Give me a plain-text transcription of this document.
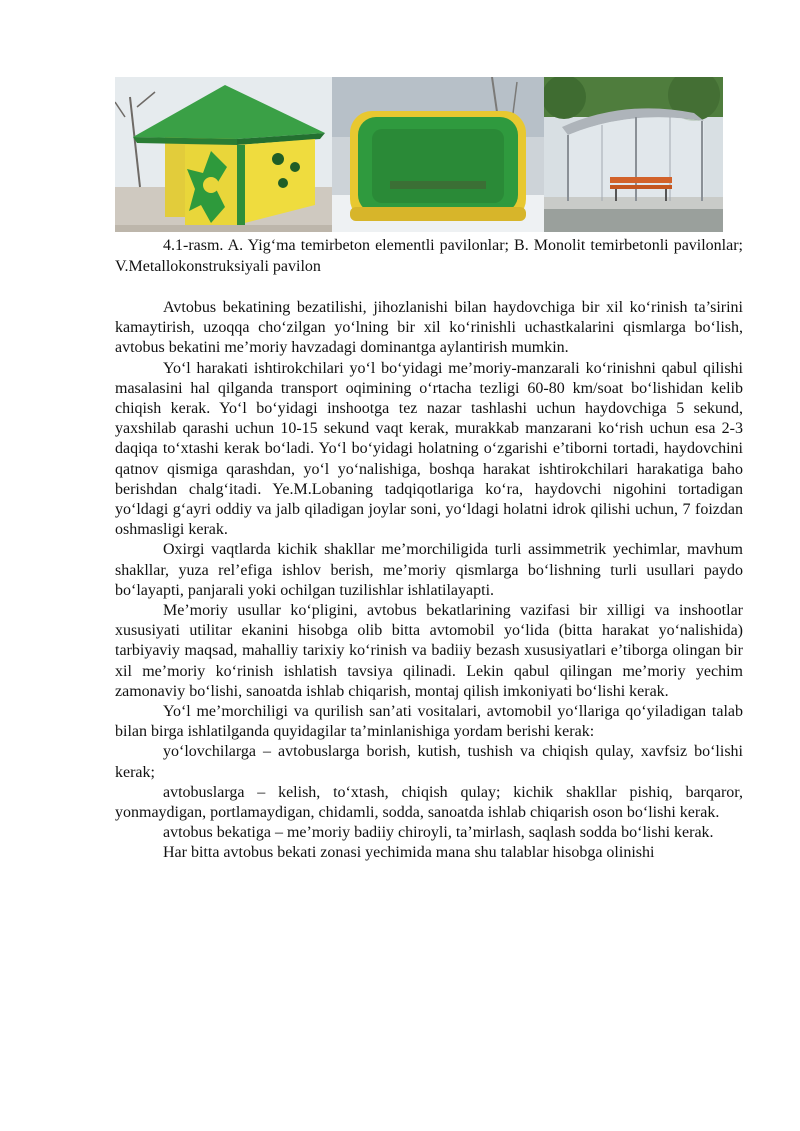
4.1-rasm. A. Yig‘ma temirbeton elementli pavilonlar; B. Monolit temirbetonli pavilonlar; V.Metallokonstruksiyali pavilon

Avtobus bekatining bezatilishi, jihozlanishi bilan haydovchiga bir xil ko‘rinish ta’sirini kamaytirish, uzoqqa cho‘zilgan yo‘lning bir xil ko‘rinishli uchastkalarini qismlarga bo‘lish, avtobus bekatini me’moriy havzadagi dominantga aylantirish mumkin.

Yo‘l harakati ishtirokchilari yo‘l bo‘yidagi me’moriy-manzarali ko‘rinishni qabul qilishi masalasini hal qilganda transport oqimining o‘rtacha tezligi 60-80 km/soat bo‘lishidan kelib chiqish kerak. Yo‘l bo‘yidagi inshootga tez nazar tashlashi uchun haydovchiga 5 sekund, yaxshilab qarashi uchun 10-15 sekund vaqt kerak, murakkab manzarani ko‘rish uchun esa 2-3 daqiqa to‘xtashi kerak bo‘ladi. Yo‘l bo‘yidagi holatning o‘zgarishi e’tiborni tortadi, haydovchini qatnov qismiga qarashdan, yo‘l yo‘nalishiga, boshqa harakat ishtirokchilari harakatiga baho berishdan chalg‘itadi. Ye.M.Lobaning tadqiqotlariga ko‘ra, haydovchi nigohini tortadigan yo‘ldagi g‘ayri oddiy va jalb qiladigan joylar soni, yo‘ldagi holatni idrok qilishi uchun, 7 foizdan oshmasligi kerak.

Oxirgi vaqtlarda kichik shakllar me’morchiligida turli assimmetrik yechimlar, mavhum shakllar, yuza rel’efiga ishlov berish, me’moriy qismlarga bo‘lishning turli usullari paydo bo‘layapti, panjarali yoki ochilgan tuzilishlar ishlatilayapti.

Me’moriy usullar ko‘pligini, avtobus bekatlarining vazifasi bir xilligi va inshootlar xususiyati utilitar ekanini hisobga olib bitta avtomobil yo‘lida (bitta harakat yo‘nalishida) tarbiyaviy maqsad, mahalliy tarixiy ko‘rinish va badiiy bezash xususiyatlari e’tiborga olingan bir xil me’moriy ko‘rinish ishlatish tavsiya qilinadi. Lekin qabul qilingan me’moriy yechim zamonaviy bo‘lishi, sanoatda ishlab chiqarish, montaj qilish imkoniyati bo‘lishi kerak.

Yo‘l me’morchiligi va qurilish san’ati vositalari, avtomobil yo‘llariga qo‘yiladigan talab bilan birga ishlatilganda quyidagilar ta’minlanishiga yordam berishi kerak:

yo‘lovchilarga – avtobuslarga borish, kutish, tushish va chiqish qulay, xavfsiz bo‘lishi kerak;

avtobuslarga – kelish, to‘xtash, chiqish qulay; kichik shakllar pishiq, barqaror, yonmaydigan, portlamaydigan, chidamli, sodda, sanoatda ishlab chiqarish oson bo‘lishi kerak.

avtobus bekatiga – me’moriy badiiy chiroyli, ta’mirlash, saqlash sodda bo‘lishi kerak.

Har bitta avtobus bekati zonasi yechimida mana shu talablar hisobga olinishi
